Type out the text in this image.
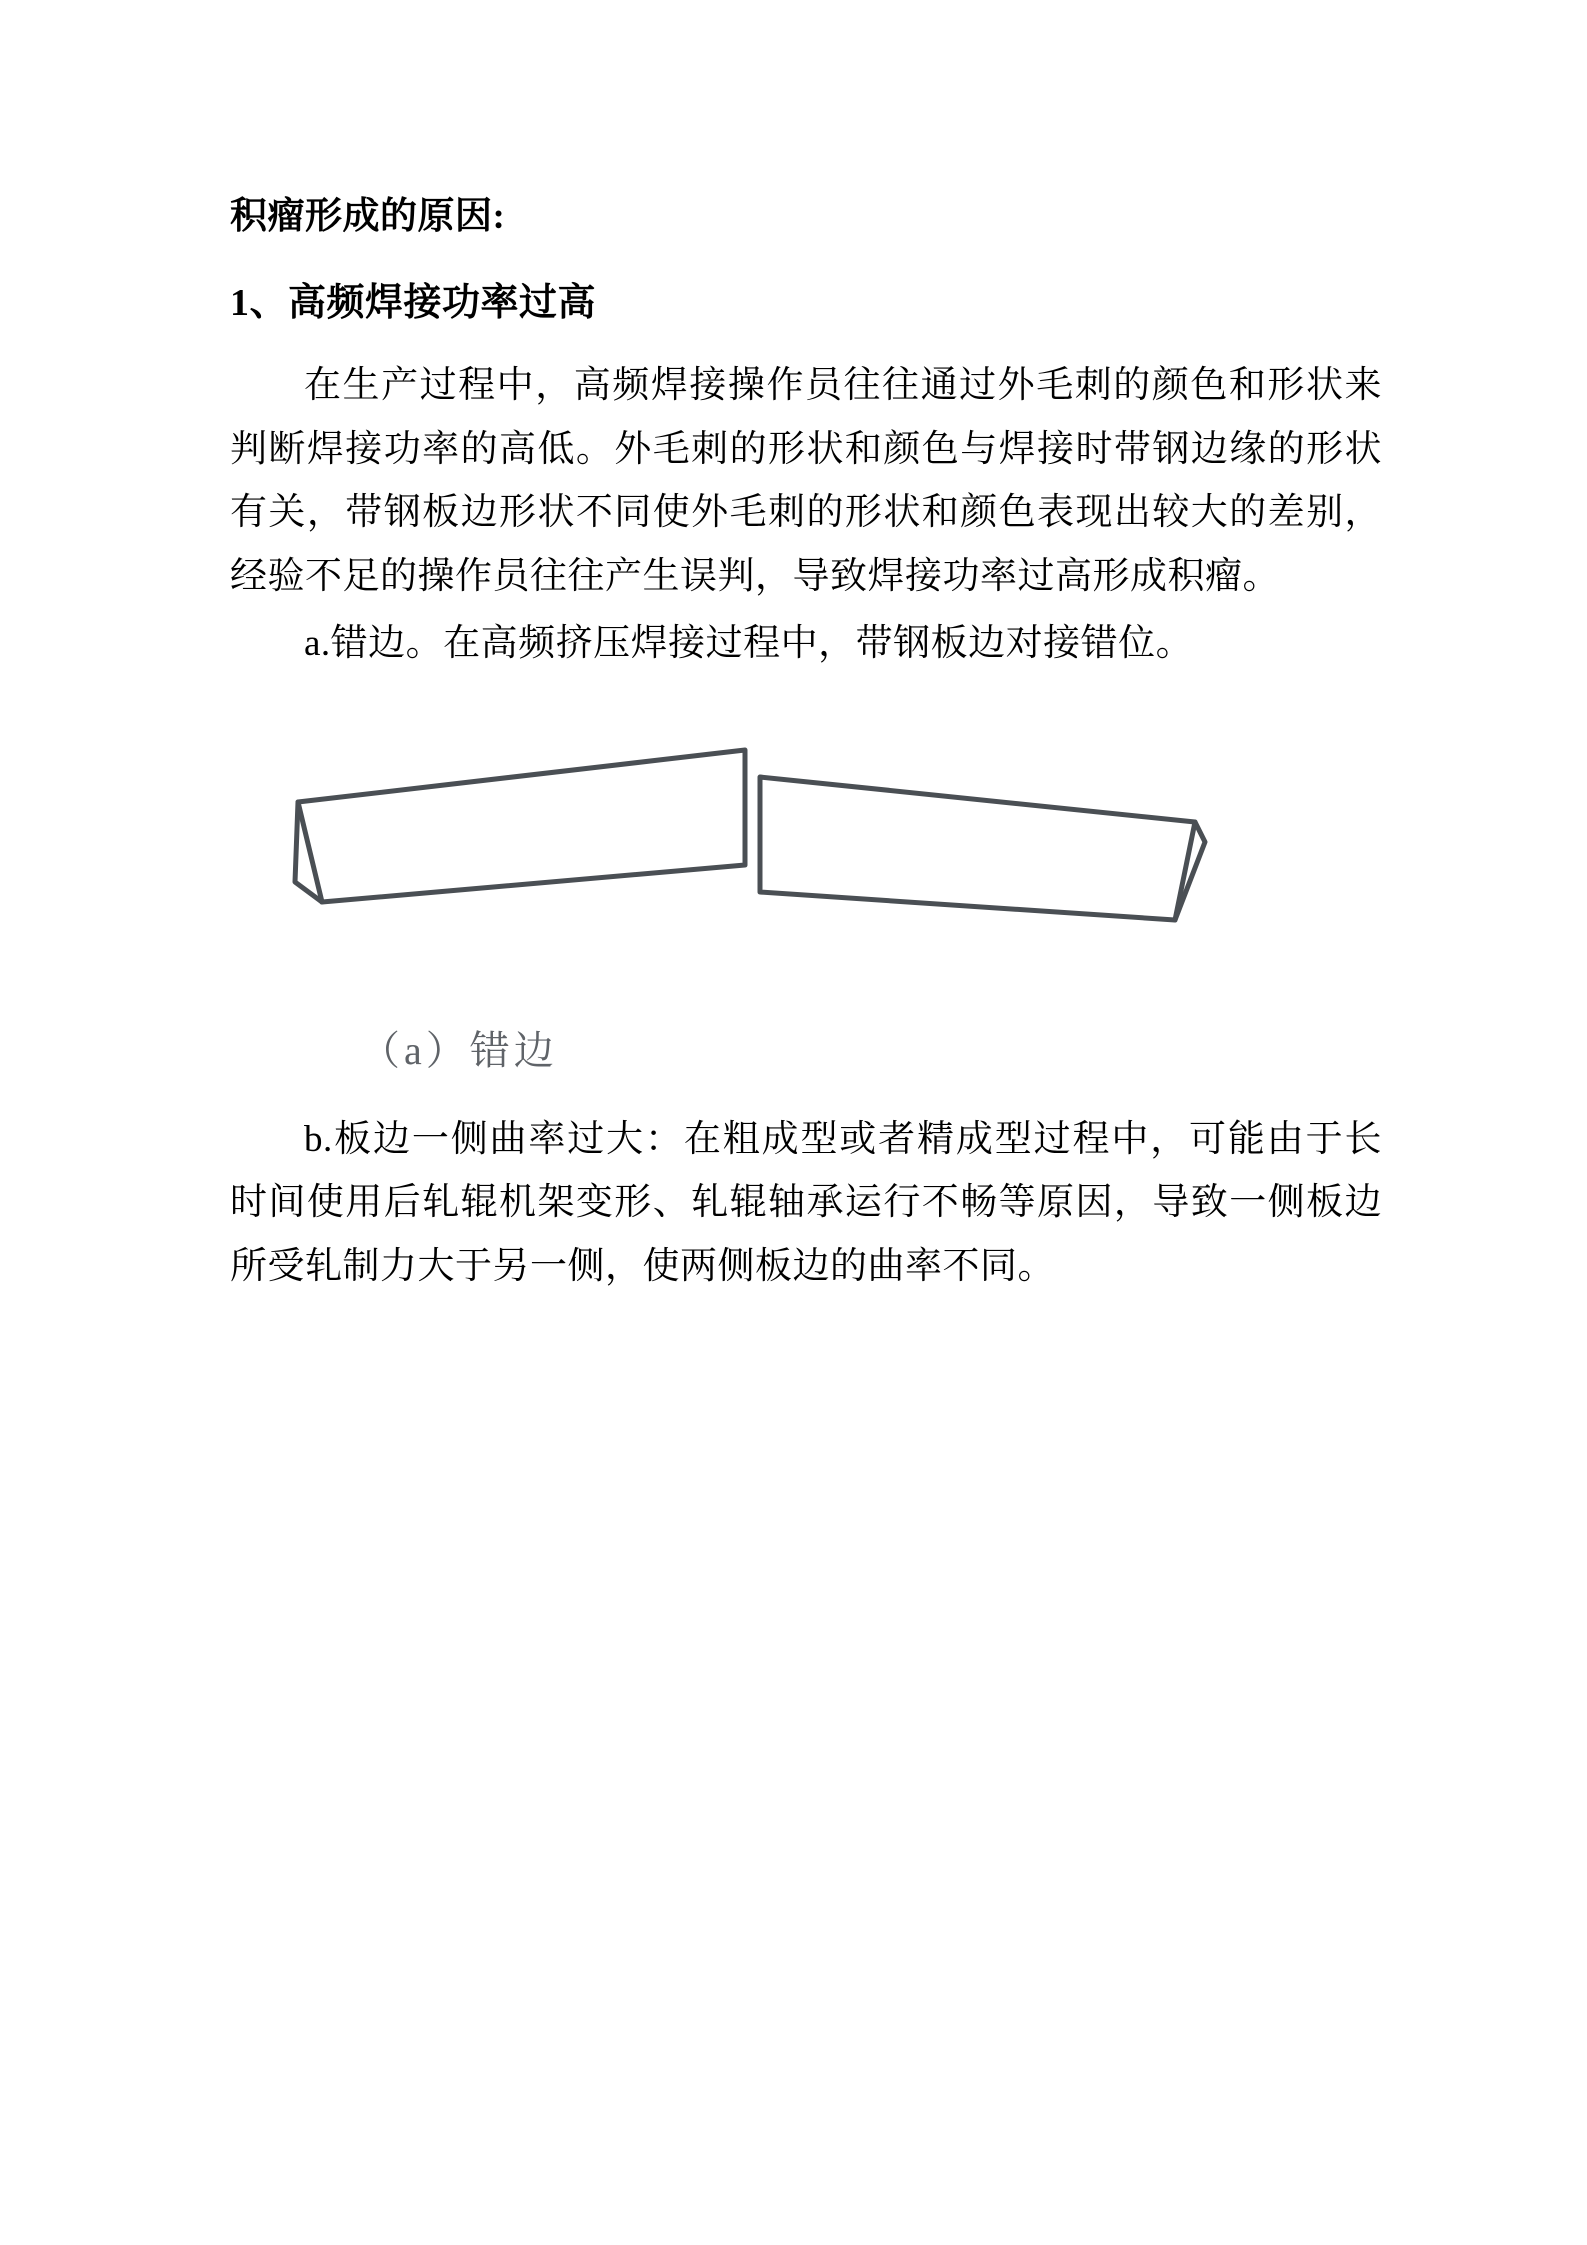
积瘤形成的原因:

1、高频焊接功率过高

在生产过程中，高频焊接操作员往往通过外毛刺的颜色和形状来判断焊接功率的高低。外毛刺的形状和颜色与焊接时带钢边缘的形状有关，带钢板边形状不同使外毛刺的形状和颜色表现出较大的差别，经验不足的操作员往往产生误判，导致焊接功率过高形成积瘤。

a.错边。在高频挤压焊接过程中，带钢板边对接错位。

（a）错边

b.板边一侧曲率过大：在粗成型或者精成型过程中，可能由于长时间使用后轧辊机架变形、轧辊轴承运行不畅等原因，导致一侧板边所受轧制力大于另一侧，使两侧板边的曲率不同。
